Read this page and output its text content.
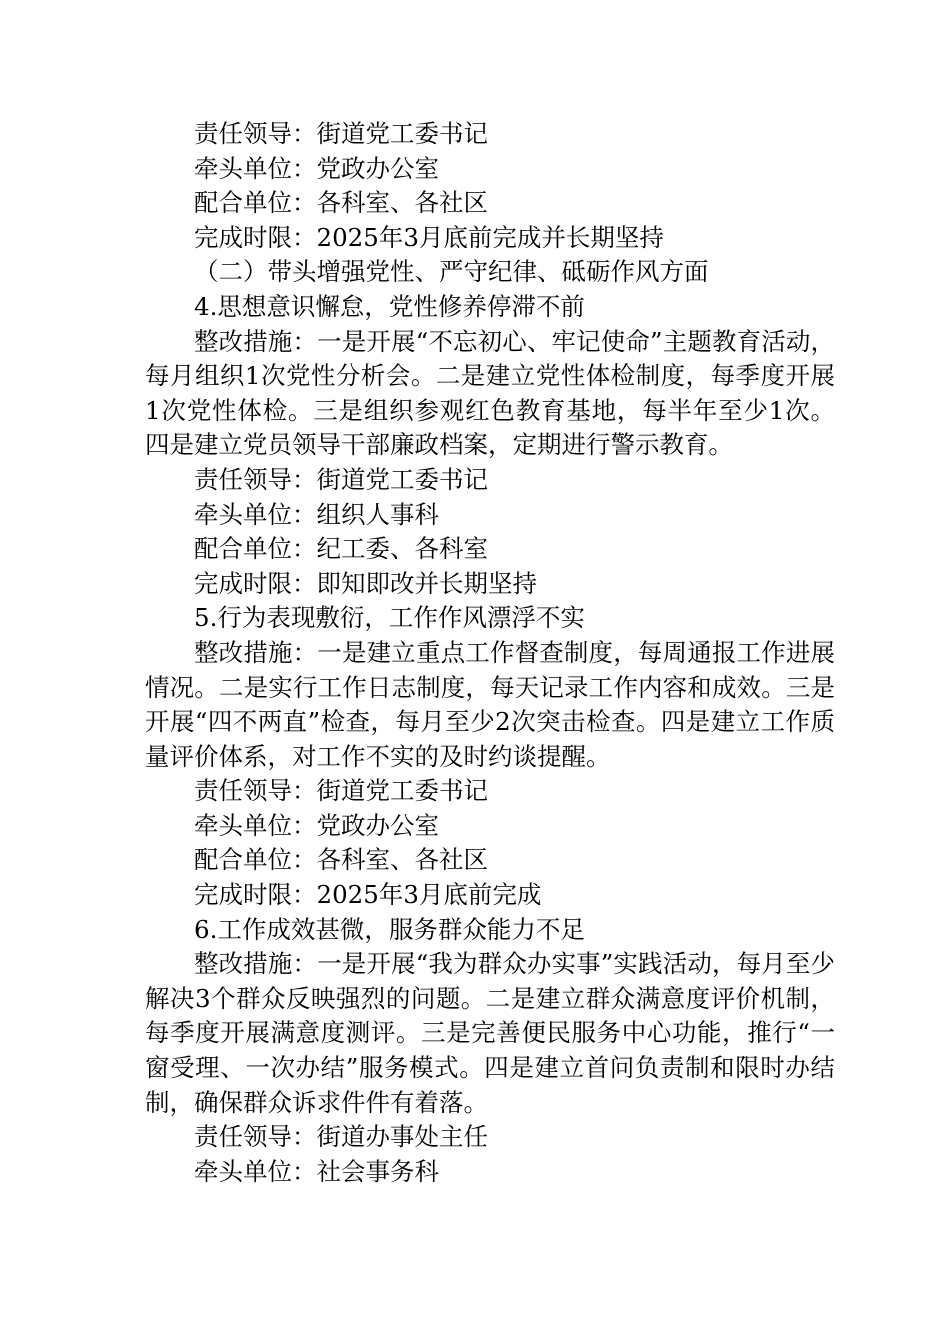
责任领导：街道党工委书记

牵头单位：党政办公室

配合单位：各科室、各社区

完成时限：2025年3月底前完成并长期坚持

（二）带头增强党性、严守纪律、砥砺作风方面

4.思想意识懈怠，党性修养停滞不前

整改措施：一是开展“不忘初心、牢记使命”主题教育活动，每月组织1次党性分析会。二是建立党性体检制度，每季度开展1次党性体检。三是组织参观红色教育基地，每半年至少1次。四是建立党员领导干部廉政档案，定期进行警示教育。

责任领导：街道党工委书记

牵头单位：组织人事科

配合单位：纪工委、各科室

完成时限：即知即改并长期坚持

5.行为表现敷衍，工作作风漂浮不实

整改措施：一是建立重点工作督查制度，每周通报工作进展情况。二是实行工作日志制度，每天记录工作内容和成效。三是开展“四不两直”检查，每月至少2次突击检查。四是建立工作质量评价体系，对工作不实的及时约谈提醒。

责任领导：街道党工委书记

牵头单位：党政办公室

配合单位：各科室、各社区

完成时限：2025年3月底前完成

6.工作成效甚微，服务群众能力不足

整改措施：一是开展“我为群众办实事”实践活动，每月至少解决3个群众反映强烈的问题。二是建立群众满意度评价机制，每季度开展满意度测评。三是完善便民服务中心功能，推行“一窗受理、一次办结”服务模式。四是建立首问负责制和限时办结制，确保群众诉求件件有着落。

责任领导：街道办事处主任

牵头单位：社会事务科
